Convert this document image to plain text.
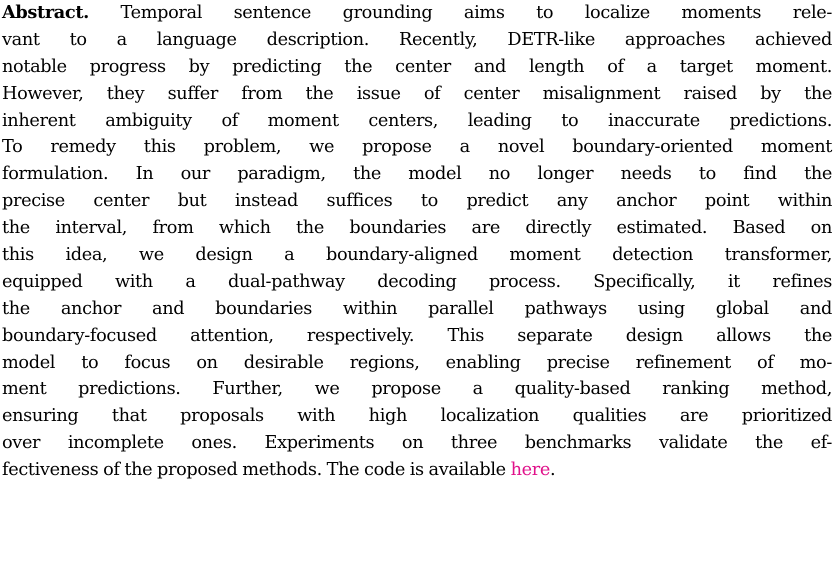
Abstract. Temporal sentence grounding aims to localize moments rele-
vant to a language description. Recently, DETR-like approaches achieved
notable progress by predicting the center and length of a target moment.
However, they suffer from the issue of center misalignment raised by the
inherent ambiguity of moment centers, leading to inaccurate predictions.
To remedy this problem, we propose a novel boundary-oriented moment
formulation. In our paradigm, the model no longer needs to find the
precise center but instead suffices to predict any anchor point within
the interval, from which the boundaries are directly estimated. Based on
this idea, we design a boundary-aligned moment detection transformer,
equipped with a dual-pathway decoding process. Specifically, it refines
the anchor and boundaries within parallel pathways using global and
boundary-focused attention, respectively. This separate design allows the
model to focus on desirable regions, enabling precise refinement of mo-
ment predictions. Further, we propose a quality-based ranking method,
ensuring that proposals with high localization qualities are prioritized
over incomplete ones. Experiments on three benchmarks validate the ef-
fectiveness of the proposed methods. The code is available here.
